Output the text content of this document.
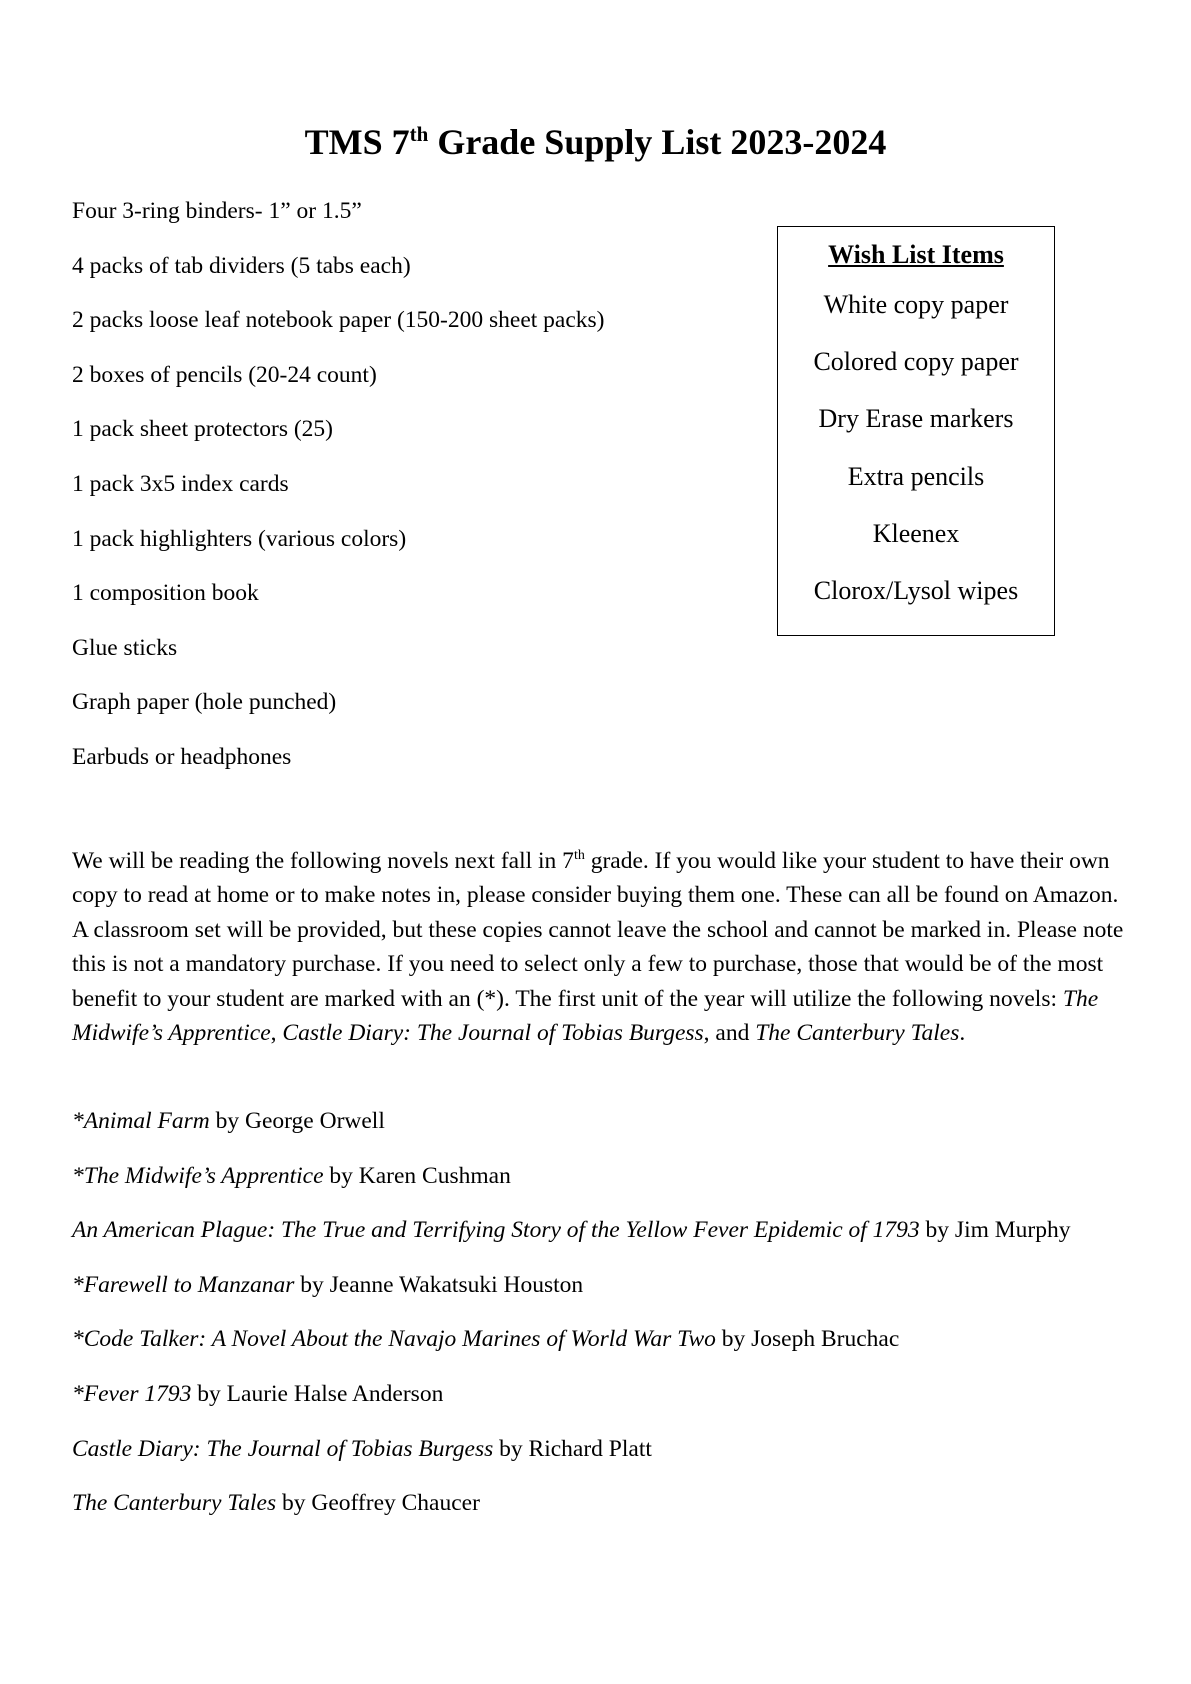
TMS 7th Grade Supply List 2023-2024
Four 3-ring binders- 1” or 1.5”
4 packs of tab dividers (5 tabs each)
2 packs loose leaf notebook paper (150-200 sheet packs)
2 boxes of pencils (20-24 count)
1 pack sheet protectors (25)
1 pack 3x5 index cards
1 pack highlighters (various colors)
1 composition book
Glue sticks
Graph paper (hole punched)
Earbuds or headphones
Wish List Items
White copy paper
Colored copy paper
Dry Erase markers
Extra pencils
Kleenex
Clorox/Lysol wipes

We will be reading the following novels next fall in 7th grade. If you would like your student to have their own copy to read at home or to make notes in, please consider buying them one. These can all be found on Amazon. A classroom set will be provided, but these copies cannot leave the school and cannot be marked in. Please note this is not a mandatory purchase. If you need to select only a few to purchase, those that would be of the most benefit to your student are marked with an (*). The first unit of the year will utilize the following novels: The Midwife’s Apprentice, Castle Diary: The Journal of Tobias Burgess, and The Canterbury Tales.

*Animal Farm by George Orwell
*The Midwife’s Apprentice by Karen Cushman
An American Plague: The True and Terrifying Story of the Yellow Fever Epidemic of 1793 by Jim Murphy
*Farewell to Manzanar by Jeanne Wakatsuki Houston
*Code Talker: A Novel About the Navajo Marines of World War Two by Joseph Bruchac
*Fever 1793 by Laurie Halse Anderson
Castle Diary: The Journal of Tobias Burgess by Richard Platt
The Canterbury Tales by Geoffrey Chaucer
